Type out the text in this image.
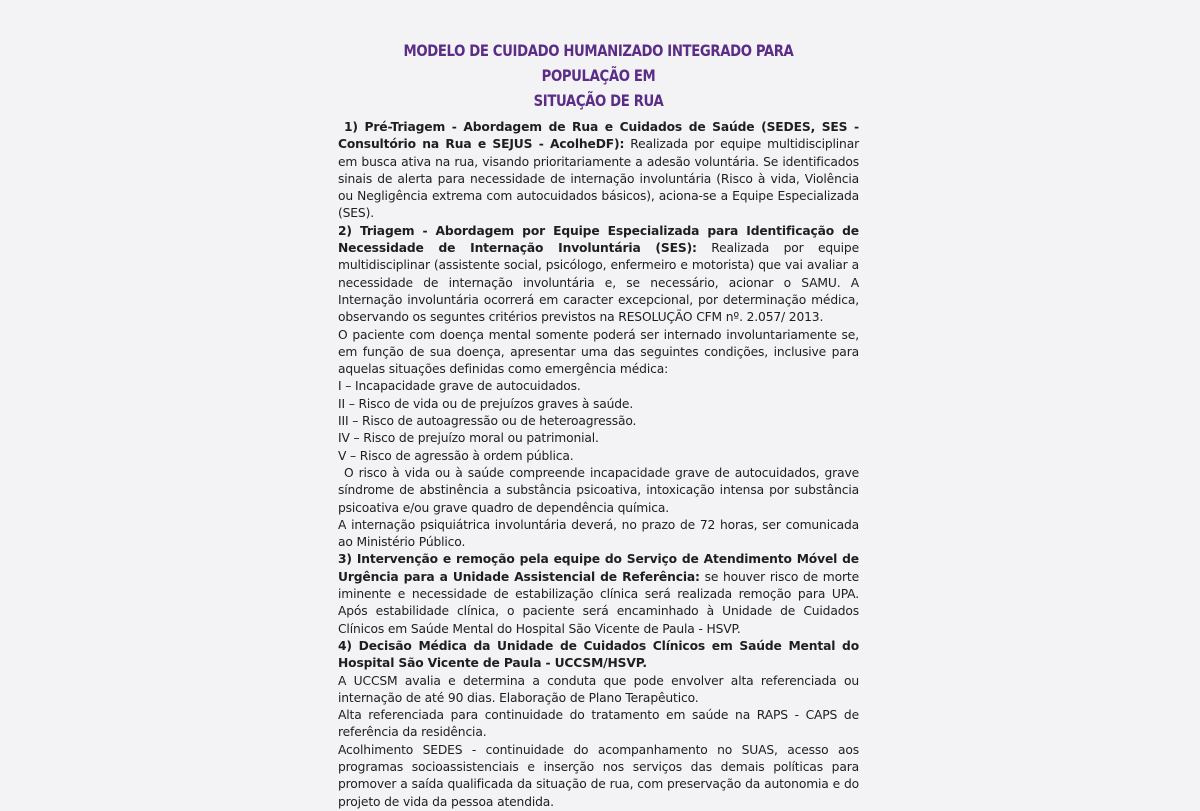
MODELO DE CUIDADO HUMANIZADO INTEGRADO PARA POPULAÇÃO EM
SITUAÇÃO DE RUA

1) Pré-Triagem - Abordagem de Rua e Cuidados de Saúde (SEDES, SES - Consultório na Rua e SEJUS - AcolheDF): Realizada por equipe multidisciplinar em busca ativa na rua, visando prioritariamente a adesão voluntária. Se identificados sinais de alerta para necessidade de internação involuntária (Risco à vida, Violência ou Negligência extrema com autocuidados básicos), aciona-se a Equipe Especializada (SES).

2) Triagem - Abordagem por Equipe Especializada para Identificação de Necessidade de Internação Involuntária (SES): Realizada por equipe multidisciplinar (assistente social, psicólogo, enfermeiro e motorista) que vai avaliar a necessidade de internação involuntária e, se necessário, acionar o SAMU. A Internação involuntária ocorrerá em caracter excepcional, por determinação médica, observando os seguntes critérios previstos na RESOLUÇÃO CFM nº. 2.057/ 2013.

O paciente com doença mental somente poderá ser internado involuntariamente se, em função de sua doença, apresentar uma das seguintes condições, inclusive para aquelas situações definidas como emergência médica:

I – Incapacidade grave de autocuidados.

II – Risco de vida ou de prejuízos graves à saúde.

III – Risco de autoagressão ou de heteroagressão.

IV – Risco de prejuízo moral ou patrimonial.

V – Risco de agressão à ordem pública.

O risco à vida ou à saúde compreende incapacidade grave de autocuidados, grave síndrome de abstinência a substância psicoativa, intoxicação intensa por substância psicoativa e/ou grave quadro de dependência química.

A internação psiquiátrica involuntária deverá, no prazo de 72 horas, ser comunicada ao Ministério Público.

3) Intervenção e remoção pela equipe do Serviço de Atendimento Móvel de Urgência para a Unidade Assistencial de Referência: se houver risco de morte iminente e necessidade de estabilização clínica será realizada remoção para UPA. Após estabilidade clínica, o paciente será encaminhado à Unidade de Cuidados Clínicos em Saúde Mental do Hospital São Vicente de Paula - HSVP.

4) Decisão Médica da Unidade de Cuidados Clínicos em Saúde Mental do Hospital São Vicente de Paula - UCCSM/HSVP.

A UCCSM avalia e determina a conduta que pode envolver alta referenciada ou internação de até 90 dias. Elaboração de Plano Terapêutico.

Alta referenciada para continuidade do tratamento em saúde na RAPS - CAPS de referência da residência.

Acolhimento SEDES - continuidade do acompanhamento no SUAS, acesso aos programas socioassistenciais e inserção nos serviços das demais políticas para promover a saída qualificada da situação de rua, com preservação da autonomia e do projeto de vida da pessoa atendida.
